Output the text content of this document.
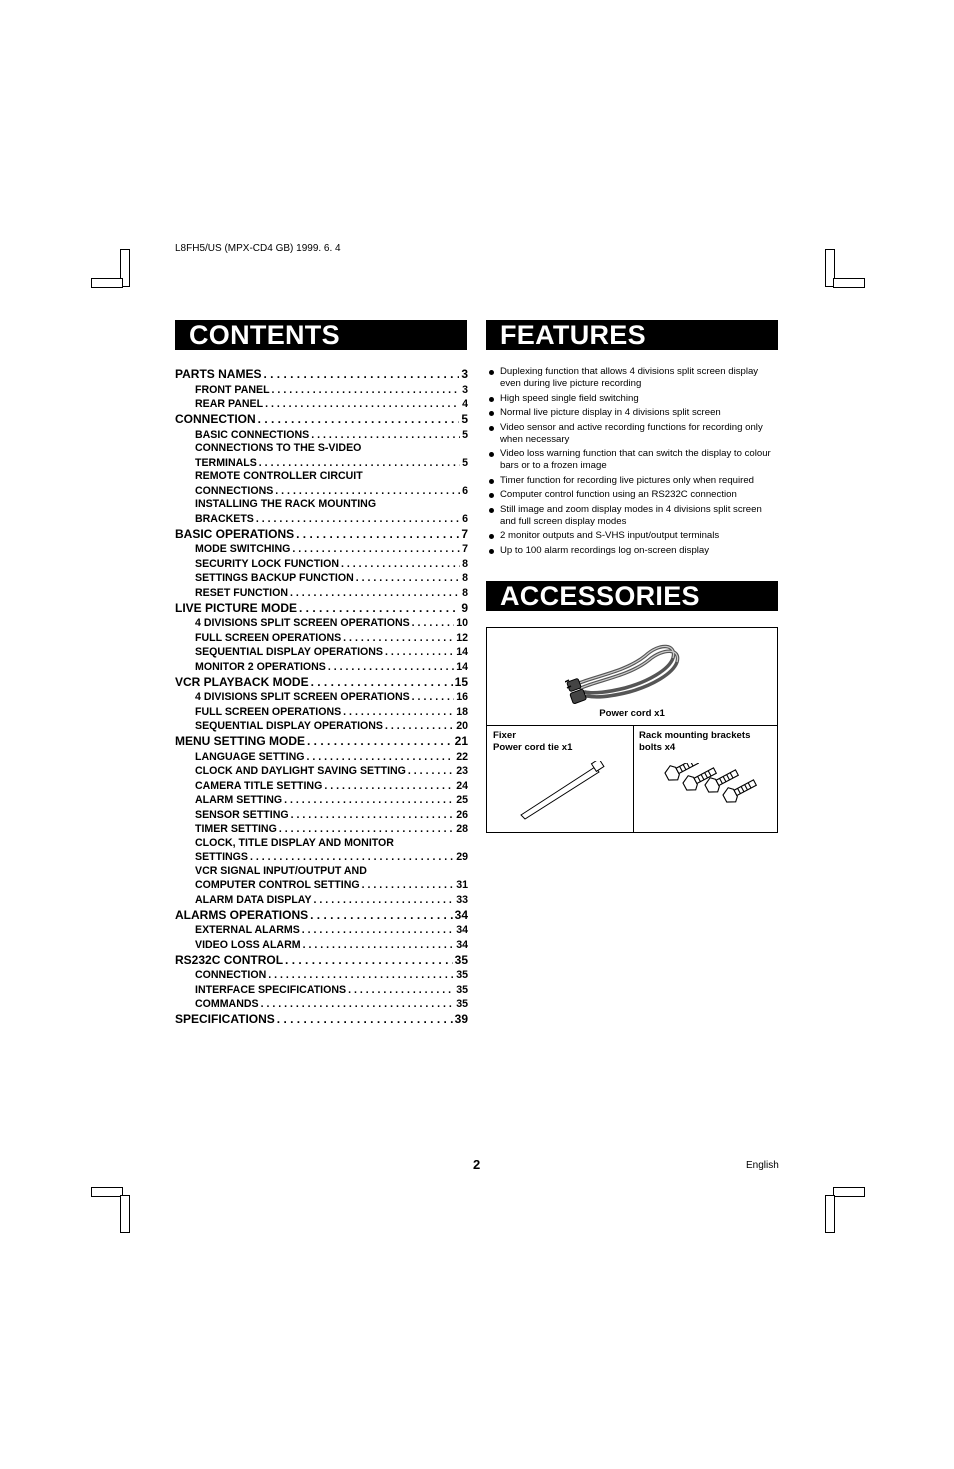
L8FH5/US (MPX-CD4 GB) 1999. 6. 4
CONTENTS
PARTS NAMES . . .	3
FRONT PANEL . . .	3
REAR PANEL . . .	4
CONNECTION . . .	5
BASIC CONNECTIONS . . .	5
CONNECTIONS TO THE S-VIDEO
TERMINALS . . .	5
REMOTE CONTROLLER CIRCUIT
CONNECTIONS . . .	6
INSTALLING THE RACK MOUNTING
BRACKETS . . .	6
BASIC OPERATIONS . . .	7
MODE SWITCHING . . .	7
SECURITY LOCK FUNCTION . . .	8
SETTINGS BACKUP FUNCTION . . .	8
RESET FUNCTION . . .	8
LIVE PICTURE MODE . . .	9
4 DIVISIONS SPLIT SCREEN OPERATIONS . . .	10
FULL SCREEN OPERATIONS . . .	12
SEQUENTIAL DISPLAY OPERATIONS . . .	14
MONITOR 2 OPERATIONS . . .	14
VCR PLAYBACK MODE . . .	15
4 DIVISIONS SPLIT SCREEN OPERATIONS . . .	16
FULL SCREEN OPERATIONS . . .	18
SEQUENTIAL DISPLAY OPERATIONS . . .	20
MENU SETTING MODE . . .	21
LANGUAGE SETTING . . .	22
CLOCK AND DAYLIGHT SAVING SETTING . . .	23
CAMERA TITLE SETTING . . .	24
ALARM SETTING . . .	25
SENSOR SETTING . . .	26
TIMER SETTING . . .	28
CLOCK, TITLE DISPLAY AND MONITOR
SETTINGS . . .	29
VCR SIGNAL INPUT/OUTPUT AND
COMPUTER CONTROL SETTING . . .	31
ALARM DATA DISPLAY . . .	33
ALARMS OPERATIONS . . .	34
EXTERNAL ALARMS . . .	34
VIDEO LOSS ALARM . . .	34
RS232C CONTROL . . .	35
CONNECTION . . .	35
INTERFACE SPECIFICATIONS . . .	35
COMMANDS . . .	35
SPECIFICATIONS . . .	39
FEATURES
Duplexing function that allows 4 divisions split screen display even during live picture recording
High speed single field switching
Normal live picture display in 4 divisions split screen
Video sensor and active recording functions for recording only when necessary
Video loss warning function that can switch the display to colour bars or to a frozen image
Timer function for recording live pictures only when required
Computer control function using an RS232C connection
Still image and zoom display modes in 4 divisions split screen and full screen display modes
2 monitor outputs and S-VHS input/output terminals
Up to 100 alarm recordings log on-screen display
ACCESSORIES
Power cord x1
Fixer
Power cord tie x1
Rack mounting brackets
bolts x4
2	English
